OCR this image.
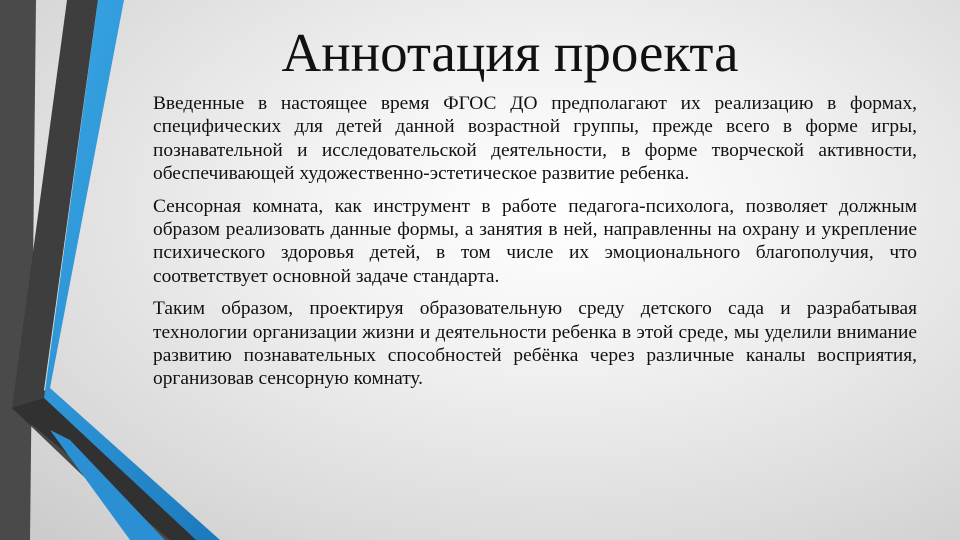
Аннотация проекта

Введенные в настоящее время ФГОС ДО предполагают их реализацию в формах, специфических для детей данной возрастной группы, прежде всего в форме игры, познавательной и исследовательской деятельности, в форме творческой активности, обеспечивающей художественно-эстетическое развитие ребенка.

Сенсорная комната, как инструмент в работе педагога-психолога, позволяет должным образом реализовать данные формы, а занятия в ней, направленны на охрану и укрепление психического здоровья детей, в том числе их эмоционального благополучия, что соответствует основной задаче стандарта.

Таким образом, проектируя образовательную среду детского сада и разрабатывая технологии организации жизни и деятельности ребенка в этой среде, мы уделили внимание развитию познавательных способностей ребёнка через различные каналы восприятия, организовав сенсорную комнату.
